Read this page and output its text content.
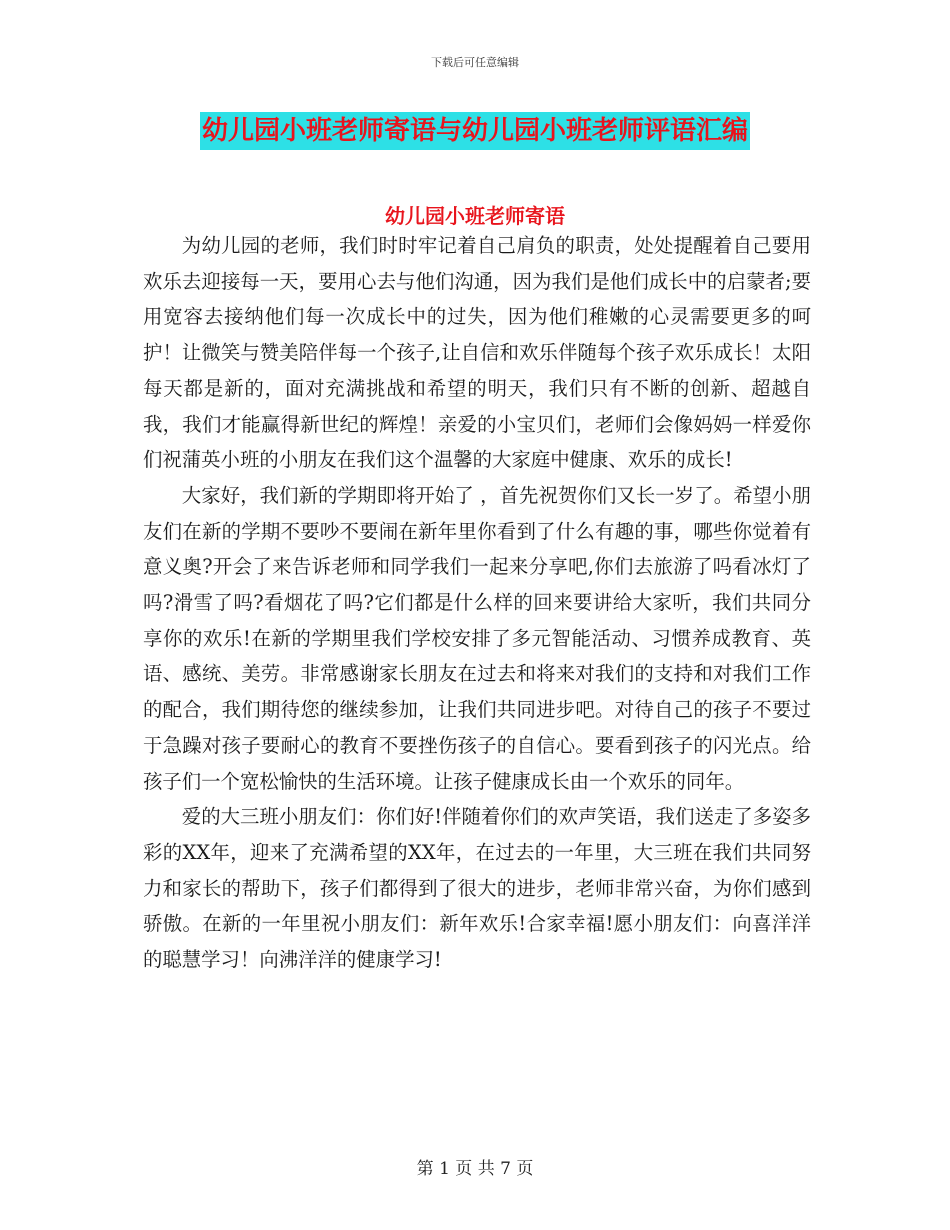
下载后可任意编辑
幼儿园小班老师寄语与幼儿园小班老师评语汇编
幼儿园小班老师寄语

为幼儿园的老师，我们时时牢记着自己肩负的职责，处处提醒着自己要用欢乐去迎接每一天，要用心去与他们沟通，因为我们是他们成长中的启蒙者;要用宽容去接纳他们每一次成长中的过失，因为他们稚嫩的心灵需要更多的呵护！让微笑与赞美陪伴每一个孩子,让自信和欢乐伴随每个孩子欢乐成长！太阳每天都是新的，面对充满挑战和希望的明天，我们只有不断的创新、超越自我，我们才能赢得新世纪的辉煌！亲爱的小宝贝们，老师们会像妈妈一样爱你们祝蒲英小班的小朋友在我们这个温馨的大家庭中健康、欢乐的成长!

大家好，我们新的学期即将开始了 ，首先祝贺你们又长一岁了。希望小朋友们在新的学期不要吵不要闹在新年里你看到了什么有趣的事，哪些你觉着有意义奥?开会了来告诉老师和同学我们一起来分享吧,你们去旅游了吗看冰灯了吗?滑雪了吗?看烟花了吗?它们都是什么样的回来要讲给大家听，我们共同分享你的欢乐!在新的学期里我们学校安排了多元智能活动、习惯养成教育、英语、感统、美劳。非常感谢家长朋友在过去和将来对我们的支持和对我们工作的配合，我们期待您的继续参加，让我们共同进步吧。对待自己的孩子不要过于急躁对孩子要耐心的教育不要挫伤孩子的自信心。要看到孩子的闪光点。给孩子们一个宽松愉快的生活环境。让孩子健康成长由一个欢乐的同年。

爱的大三班小朋友们：你们好!伴随着你们的欢声笑语，我们送走了多姿多彩的XX年，迎来了充满希望的XX年，在过去的一年里，大三班在我们共同努力和家长的帮助下，孩子们都得到了很大的进步，老师非常兴奋，为你们感到骄傲。在新的一年里祝小朋友们：新年欢乐!合家幸福!愿小朋友们：向喜洋洋的聪慧学习！向沸洋洋的健康学习!

第 1 页 共 7 页
